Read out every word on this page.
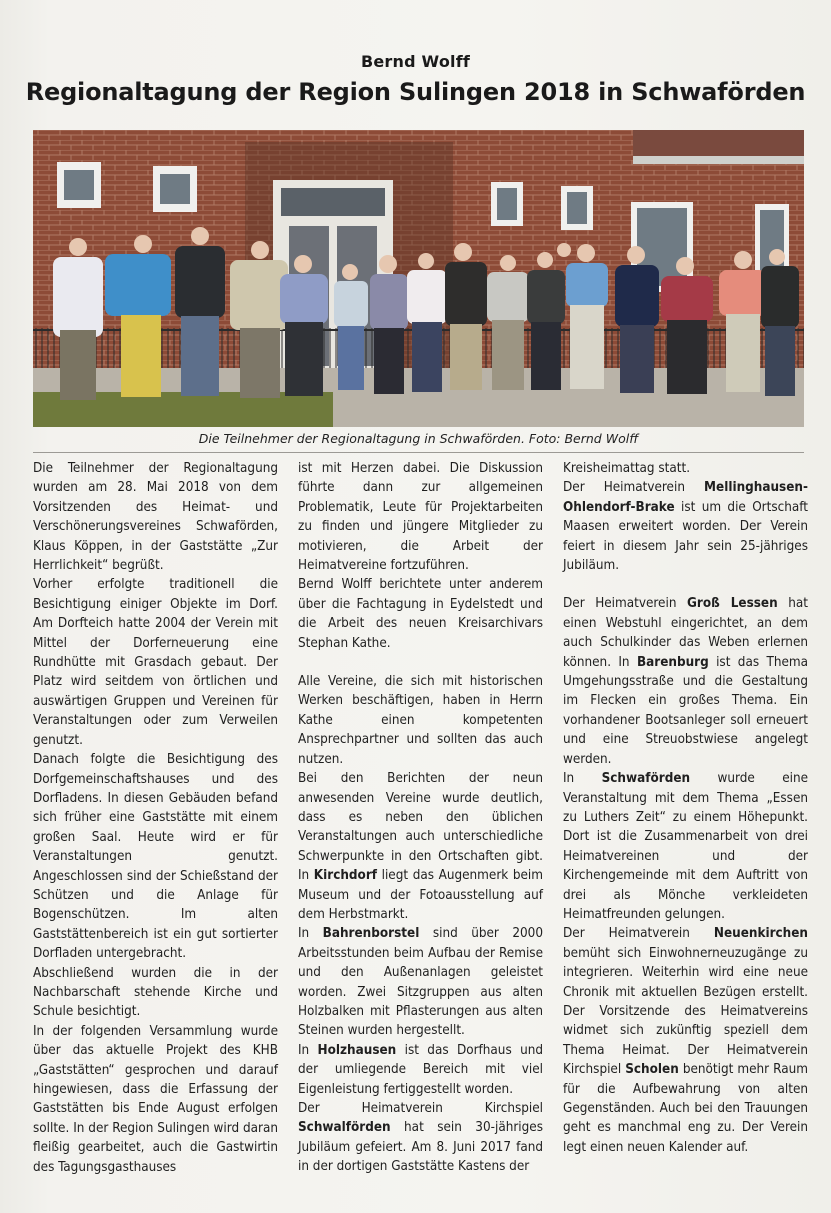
Bernd Wolff
Regionaltagung der Region Sulingen 2018 in Schwaförden
Die Teilnehmer der Regionaltagung in Schwaförden. Foto: Bernd Wolff

Die Teilnehmer der Regionaltagung wurden am 28. Mai 2018 von dem Vorsitzenden des Heimat- und Verschönerungsvereines Schwaförden, Klaus Köppen, in der Gaststätte „Zur Herrlichkeit“ begrüßt.

Vorher erfolgte traditionell die Besichtigung einiger Objekte im Dorf. Am Dorfteich hatte 2004 der Verein mit Mittel der Dorferneuerung eine Rundhütte mit Grasdach gebaut. Der Platz wird seitdem von örtlichen und auswärtigen Gruppen und Vereinen für Veranstaltungen oder zum Verweilen genutzt.

Danach folgte die Besichtigung des Dorfgemeinschaftshauses und des Dorfladens. In diesen Gebäuden befand sich früher eine Gaststätte mit einem großen Saal. Heute wird er für Veranstaltungen genutzt. Angeschlossen sind der Schießstand der Schützen und die Anlage für Bogenschützen. Im alten Gaststättenbereich ist ein gut sortierter Dorfladen untergebracht.

Abschließend wurden die in der Nachbarschaft stehende Kirche und Schule besichtigt.

In der folgenden Versammlung wurde über das aktuelle Projekt des KHB „Gaststätten“ gesprochen und darauf hingewiesen, dass die Erfassung der Gaststätten bis Ende August erfolgen sollte. In der Region Sulingen wird daran fleißig gearbeitet, auch die Gastwirtin des Tagungsgasthauses

ist mit Herzen dabei. Die Diskussion führte dann zur allgemeinen Problematik, Leute für Projektarbeiten zu finden und jüngere Mitglieder zu motivieren, die Arbeit der Heimatvereine fortzuführen.

Bernd Wolff berichtete unter anderem über die Fachtagung in Eydelstedt und die Arbeit des neuen Kreisarchivars Stephan Kathe.

Alle Vereine, die sich mit historischen Werken beschäftigen, haben in Herrn Kathe einen kompetenten Ansprechpartner und sollten das auch nutzen.

Bei den Berichten der neun anwesenden Vereine wurde deutlich, dass es neben den üblichen Veranstaltungen auch unterschiedliche Schwerpunkte in den Ortschaften gibt. In Kirchdorf liegt das Augenmerk beim Museum und der Fotoausstellung auf dem Herbstmarkt.

In Bahrenborstel sind über 2000 Arbeitsstunden beim Aufbau der Remise und den Außenanlagen geleistet worden. Zwei Sitzgruppen aus alten Holzbalken mit Pflasterungen aus alten Steinen wurden hergestellt.

In Holzhausen ist das Dorfhaus und der umliegende Bereich mit viel Eigenleistung fertiggestellt worden.

Der Heimatverein Kirchspiel Schwalförden hat sein 30-jähriges Jubiläum gefeiert. Am 8. Juni 2017 fand in der dortigen Gaststätte Kastens der

Kreisheimattag statt.

Der Heimatverein Mellinghausen-Ohlendorf-Brake ist um die Ortschaft Maasen erweitert worden. Der Verein feiert in diesem Jahr sein 25-jähriges Jubiläum.

Der Heimatverein Groß Lessen hat einen Webstuhl eingerichtet, an dem auch Schulkinder das Weben erlernen können. In Barenburg ist das Thema Umgehungsstraße und die Gestaltung im Flecken ein großes Thema. Ein vorhandener Bootsanleger soll erneuert und eine Streuobstwiese angelegt werden.

In Schwaförden wurde eine Veranstaltung mit dem Thema „Essen zu Luthers Zeit“ zu einem Höhepunkt. Dort ist die Zusammenarbeit von drei Heimatvereinen und der Kirchengemeinde mit dem Auftritt von drei als Mönche verkleideten Heimatfreunden gelungen.

Der Heimatverein Neuenkirchen bemüht sich Einwohnerneuzugänge zu integrieren. Weiterhin wird eine neue Chronik mit aktuellen Bezügen erstellt. Der Vorsitzende des Heimatvereins widmet sich zukünftig speziell dem Thema Heimat. Der Heimatverein Kirchspiel Scholen benötigt mehr Raum für die Aufbewahrung von alten Gegenständen. Auch bei den Trauungen geht es manchmal eng zu. Der Verein legt einen neuen Kalender auf.
